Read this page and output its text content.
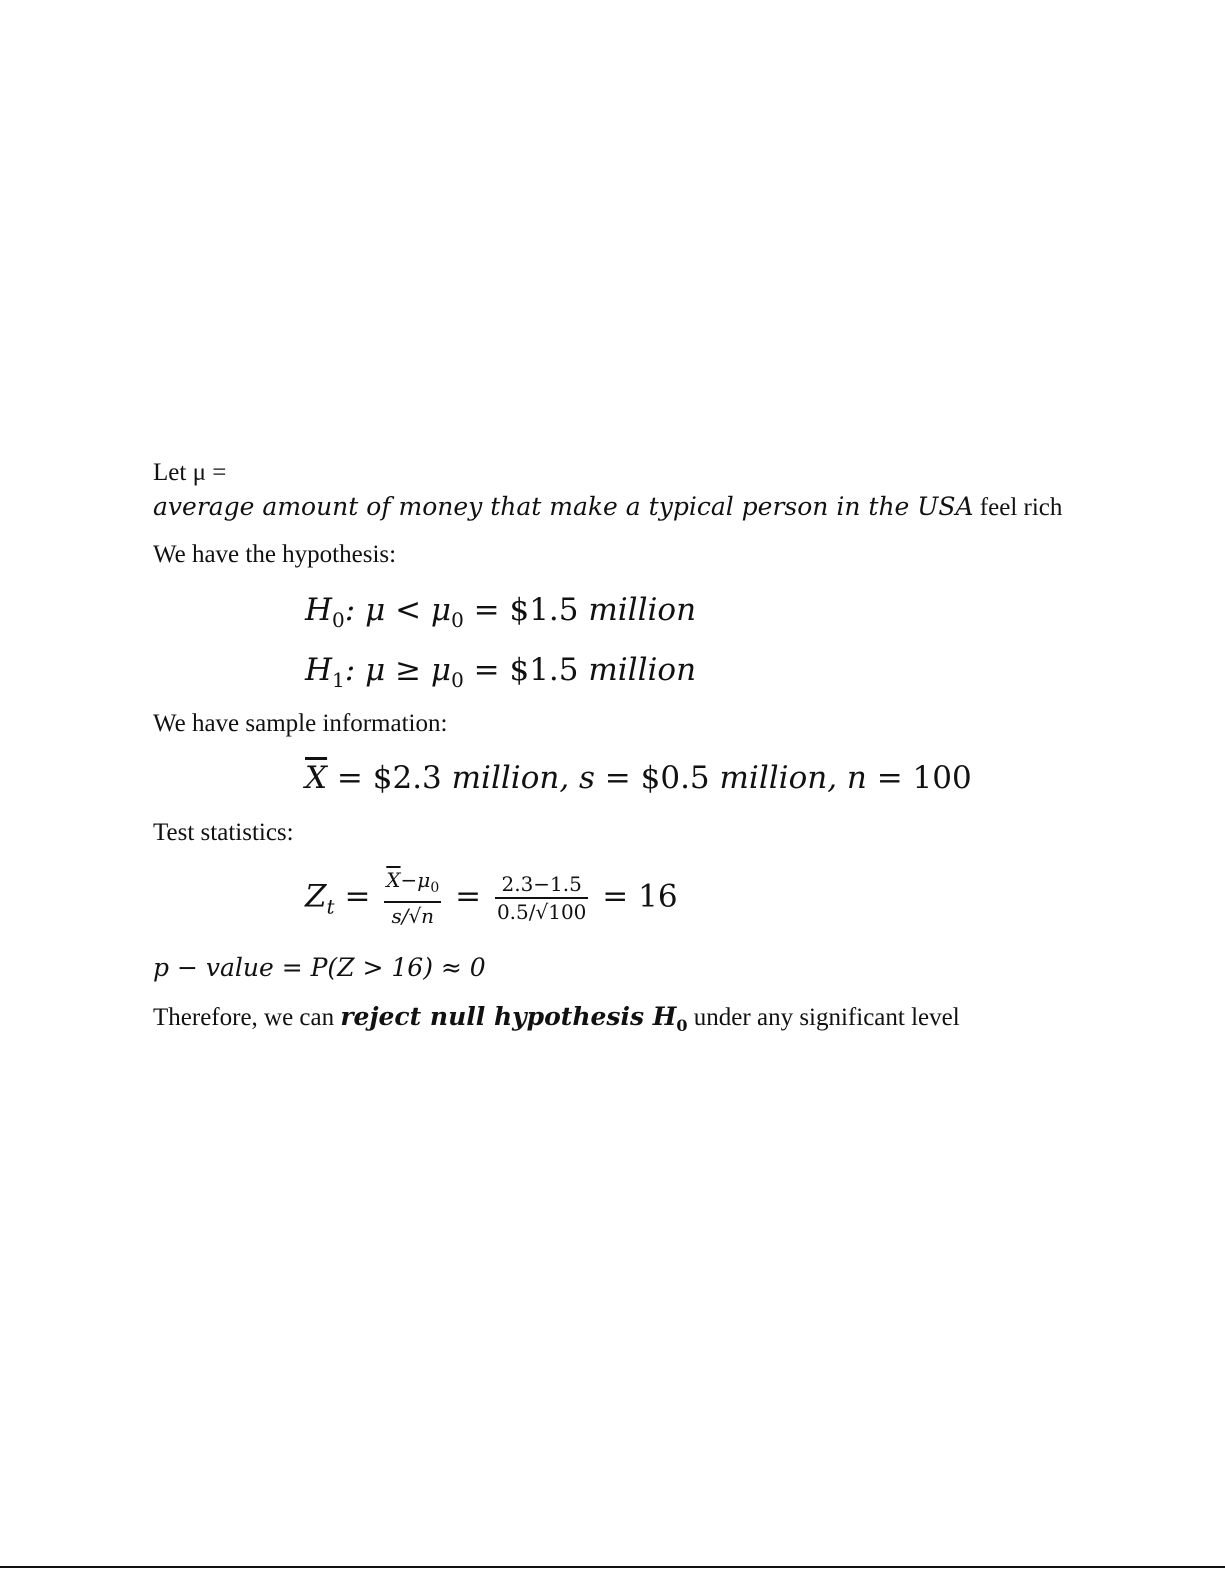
Let μ =
average amount of money that make a typical person in the USA feel rich
We have the hypothesis:
$H_0$: $\mu < \mu_0$ = $1.5 million
$H_1$: $\mu \ge \mu_0$ = $1.5 million
We have sample information:
$\overline{X}$ = $2.3 million, s = $0.5 million, n = 100
Test statistics:
$Z_t = \frac{\overline{X}-\mu_0}{s/√n} = \frac{2.3-1.5}{0.5/√100} = 16$
p − value = P(Z > 16) ≈ 0
Therefore, we can reject null hypothesis $H_0$ under any significant level
